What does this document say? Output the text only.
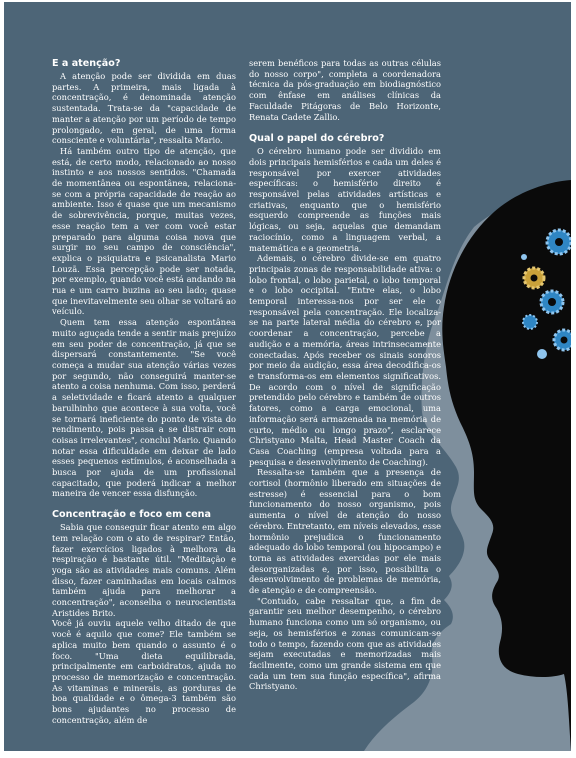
E a atenção?

A atenção pode ser dividida em duas partes. A primeira, mais ligada à concentração, é denominada atenção sustentada. Trata-se da "capacidade de manter a atenção por um período de tempo prolongado, em geral, de uma forma consciente e voluntária", ressalta Mario.

Há também outro tipo de atenção, que está, de certo modo, relacionado ao nosso instinto e aos nossos sentidos. "Chamada de momentânea ou espontânea, relaciona-se com a própria capacidade de reação ao ambiente. Isso é quase que um mecanismo de sobrevivência, porque, muitas vezes, esse reação tem a ver com você estar preparado para alguma coisa nova que surgir no seu campo de consciência", explica o psiquiatra e psicanalista Mario Louzã. Essa percepção pode ser notada, por exemplo, quando você está andando na rua e um carro buzina ao seu lado; quase que inevitavelmente seu olhar se voltará ao veículo.

Quem tem essa atenção espontânea muito aguçada tende a sentir mais prejuízo em seu poder de concentração, já que se dispersará constantemente. "Se você começa a mudar sua atenção várias vezes por segundo, não conseguirá manter-se atento a coisa nenhuma. Com isso, perderá a seletividade e ficará atento a qualquer barulhinho que acontece à sua volta, você se tornará ineficiente do ponto de vista do rendimento, pois passa a se distrair com coisas irrelevantes", conclui Mario. Quando notar essa dificuldade em deixar de lado esses pequenos estímulos, é aconselhada a busca por ajuda de um profissional capacitado, que poderá indicar a melhor maneira de vencer essa disfunção.

Concentração e foco em cena

Sabia que conseguir ficar atento em algo tem relação com o ato de respirar? Então, fazer exercícios ligados à melhora da respiração é bastante útil. "Meditação e yoga são as atividades mais comuns. Além disso, fazer caminhadas em locais calmos também ajuda para melhorar a concentração", aconselha o neurocientista Aristides Brito.

Você já ouviu aquele velho ditado de que você é aquilo que come? Ele também se aplica muito bem quando o assunto é o foco. "Uma dieta equilibrada, principalmente em carboidratos, ajuda no processo de memorização e concentração. As vitaminas e minerais, as gorduras de boa qualidade e o ômega-3 também são bons ajudantes no processo de concentração, além de

serem benéficos para todas as outras células do nosso corpo", completa a coordenadora técnica da pós-graduação em biodiagnóstico com ênfase em análises clínicas da Faculdade Pitágoras de Belo Horizonte, Renata Cadete Zallio.

Qual o papel do cérebro?

O cérebro humano pode ser dividido em dois principais hemisférios e cada um deles é responsável por exercer atividades específicas: o hemisfério direito é responsável pelas atividades artísticas e criativas, enquanto que o hemisfério esquerdo compreende as funções mais lógicas, ou seja, aquelas que demandam raciocínio, como a linguagem verbal, a matemática e a geometria.

Ademais, o cérebro divide-se em quatro principais zonas de responsabilidade ativa: o lobo frontal, o lobo parietal, o lobo temporal e o lobo occipital. "Entre elas, o lobo temporal interessa-nos por ser ele o responsável pela concentração. Ele localiza-se na parte lateral média do cérebro e, por coordenar a concentração, percebe a audição e a memória, áreas intrinsecamente conectadas. Após receber os sinais sonoros por meio da audição, essa área decodifica-os e transforma-os em elementos significativos. De acordo com o nível de significação pretendido pelo cérebro e também de outros fatores, como a carga emocional, uma informação será armazenada na memória de curto, médio ou longo prazo", esclarece Christyano Malta, Head Master Coach da Casa Coaching (empresa voltada para a pesquisa e desenvolvimento de Coaching).

Ressalta-se também que a presença de cortisol (hormônio liberado em situações de estresse) é essencial para o bom funcionamento do nosso organismo, pois aumenta o nível de atenção do nosso cérebro. Entretanto, em níveis elevados, esse hormônio prejudica o funcionamento adequado do lobo temporal (ou hipocampo) e torna as atividades exercidas por ele mais desorganizadas e, por isso, possibilita o desenvolvimento de problemas de memória, de atenção e de compreensão.

"Contudo, cabe ressaltar que, a fim de garantir seu melhor desempenho, o cérebro humano funciona como um só organismo, ou seja, os hemisférios e zonas comunicam-se todo o tempo, fazendo com que as atividades sejam executadas e memorizadas mais facilmente, como um grande sistema em que cada um tem sua função específica", afirma Christyano.
